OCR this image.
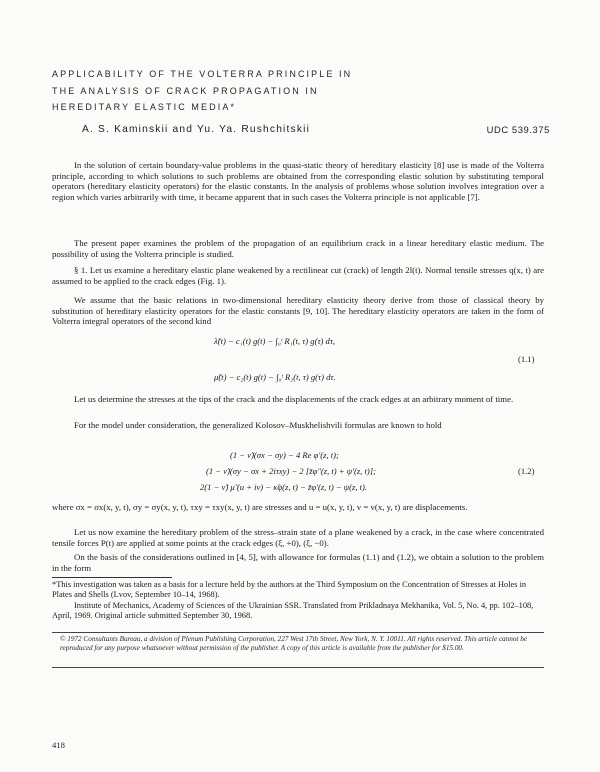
APPLICABILITY OF THE VOLTERRA PRINCIPLE IN
THE ANALYSIS OF CRACK PROPAGATION IN
HEREDITARY ELASTIC MEDIA*
A. S. Kaminskii and Yu. Ya. Rushchitskii	UDC 539.375

In the solution of certain boundary-value problems in the quasi-static theory of hereditary elasticity [8] use is made of the Volterra principle, according to which solutions to such problems are obtained from the corresponding elastic solution by substituting temporal operators (hereditary elasticity operators) for the elastic constants. In the analysis of problems whose solution involves integration over a region which varies arbitrarily with time, it became apparent that in such cases the Volterra principle is not applicable [7].

The present paper examines the problem of the propagation of an equilibrium crack in a linear hereditary elastic medium. The possibility of using the Volterra principle is studied.

§ 1. Let us examine a hereditary elastic plane weakened by a rectilinear cut (crack) of length 2l(t). Normal tensile stresses q(x, t) are assumed to be applied to the crack edges (Fig. 1).

We assume that the basic relations in two-dimensional hereditary elasticity theory derive from those of classical theory by substitution of hereditary elasticity operators for the elastic constants [9, 10]. The hereditary elasticity operators are taken in the form of Volterra integral operators of the second kind

λ̃(t) − c₁(t) g(t) − ∫₀ᵗ R₁(t, τ) g(τ) dτ,
(1.1)
μ̃(t) − c₂(t) g(t) − ∫₀ᵗ R₂(t, τ) g(τ) dτ.

Let us determine the stresses at the tips of the crack and the displacements of the crack edges at an arbitrary moment of time.

For the model under consideration, the generalized Kolosov–Muskhelishvili formulas are known to hold

(1 − ν̃)(σx − σy) − 4 Re φ′(z, t);
(1 − ν̃)(σy − σx + 2iτxy) − 2 [z̄φ″(z, t) + ψ′(z, t)];	(1.2)
2(1 − ν̃) μ̃ (u + iv) − κ̃φ(z, t) − z̄φ′(z, t) − ψ(z, t).

where σx = σx(x, y, t), σy = σy(x, y, t), τxy = τxy(x, y, t) are stresses and u = u(x, y, t), v = v(x, y, t) are displacements.

Let us now examine the hereditary problem of the stress–strain state of a plane weakened by a crack, in the case where concentrated tensile forces P(t) are applied at some points at the crack edges (ξ, +0), (ξ, −0).

On the basis of the considerations outlined in [4, 5], with allowance for formulas (1.1) and (1.2), we obtain a solution to the problem in the form

*This investigation was taken as a basis for a lecture held by the authors at the Third Symposium on the Concentration of Stresses at Holes in Plates and Shells (Lvov, September 10–14, 1968).

Institute of Mechanics, Academy of Sciences of the Ukrainian SSR. Translated from Prikladnaya Mekhanika, Vol. 5, No. 4, pp. 102–108, April, 1969. Original article submitted September 30, 1968.

© 1972 Consultants Bureau, a division of Plenum Publishing Corporation, 227 West 17th Street, New York, N. Y. 10011. All rights reserved. This article cannot be reproduced for any purpose whatsoever without permission of the publisher. A copy of this article is available from the publisher for $15.00.

418
